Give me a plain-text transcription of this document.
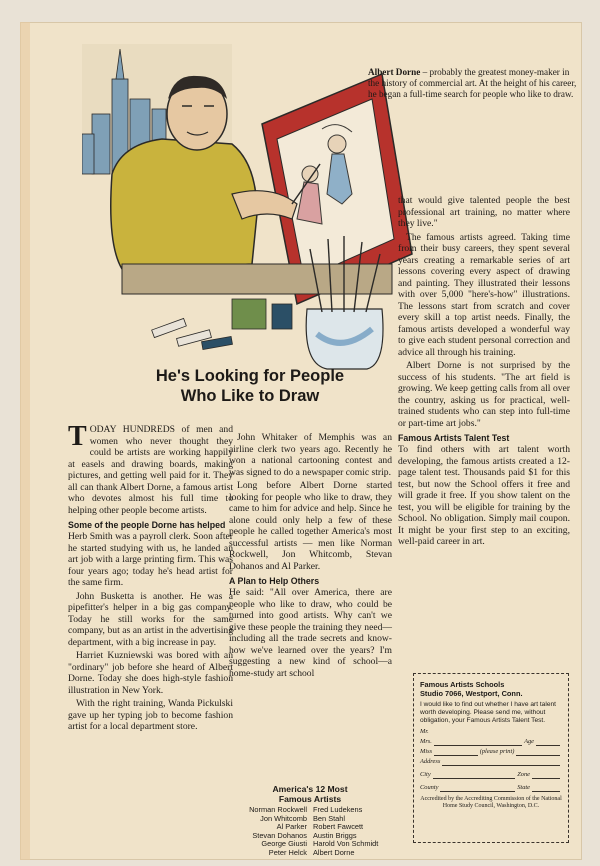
Albert Dorne – probably the greatest money-maker in the history of commercial art. At the height of his career, he began a full-time search for people who like to draw.
He's Looking for People
Who Like to Draw

TODAY HUNDREDS of men and women who never thought they could be artists are working happily at easels and drawing boards, making pictures, and getting well paid for it. They all can thank Albert Dorne, a famous artist who devotes almost his full time to helping other people become artists.

Some of the people Dorne has helped

Herb Smith was a payroll clerk. Soon after he started studying with us, he landed an art job with a large printing firm. This was four years ago; today he's head artist for the same firm.

John Busketta is another. He was a pipefitter's helper in a big gas company. Today he still works for the same company, but as an artist in the advertising department, with a big increase in pay.

Harriet Kuzniewski was bored with an "ordinary" job before she heard of Albert Dorne. Today she does high-style fashion illustration in New York.

With the right training, Wanda Pickulski gave up her typing job to become fashion artist for a local department store.

John Whitaker of Memphis was an airline clerk two years ago. Recently he won a national cartooning contest and was signed to do a newspaper comic strip.

Long before Albert Dorne started looking for people who like to draw, they came to him for advice and help. Since he alone could only help a few of these people he called together America's most successful artists — men like Norman Rockwell, Jon Whitcomb, Stevan Dohanos and Al Parker.

A Plan to Help Others

He said: "All over America, there are people who like to draw, who could be turned into good artists. Why can't we give these people the training they need—including all the trade secrets and know-how we've learned over the years? I'm suggesting a new kind of school—a home-study art school

that would give talented people the best professional art training, no matter where they live."

The famous artists agreed. Taking time from their busy careers, they spent several years creating a remarkable series of art lessons covering every aspect of drawing and painting. They illustrated their lessons with over 5,000 "here's-how" illustrations. The lessons start from scratch and cover every skill a top artist needs. Finally, the famous artists developed a wonderful way to give each student personal correction and advice all through his training.

Albert Dorne is not surprised by the success of his students. "The art field is growing. We keep getting calls from all over the country, asking us for practical, well-trained students who can step into full-time or part-time art jobs."

Famous Artists Talent Test

To find others with art talent worth developing, the famous artists created a 12-page talent test. Thousands paid $1 for this test, but now the School offers it free and will grade it free. If you show talent on the test, you will be eligible for training by the School. No obligation. Simply mail coupon. It might be your first step to an exciting, well-paid career in art.

America's 12 Most
Famous Artists
Norman Rockwell Fred Ludekens
Jon Whitcomb Ben Stahl
Al Parker Robert Fawcett
Stevan Dohanos Austin Briggs
George Giusti Harold Von Schmidt
Peter Helck Albert Dorne
Famous Artists Schools
Studio 7066, Westport, Conn.
I would like to find out whether I have art talent worth developing. Please send me, without obligation, your Famous Artists Talent Test.
Mr.
Mrs.	Age
Miss	(please print)
Address
City	Zone
County	State
Accredited by the Accrediting Commission of the National Home Study Council, Washington, D.C.
